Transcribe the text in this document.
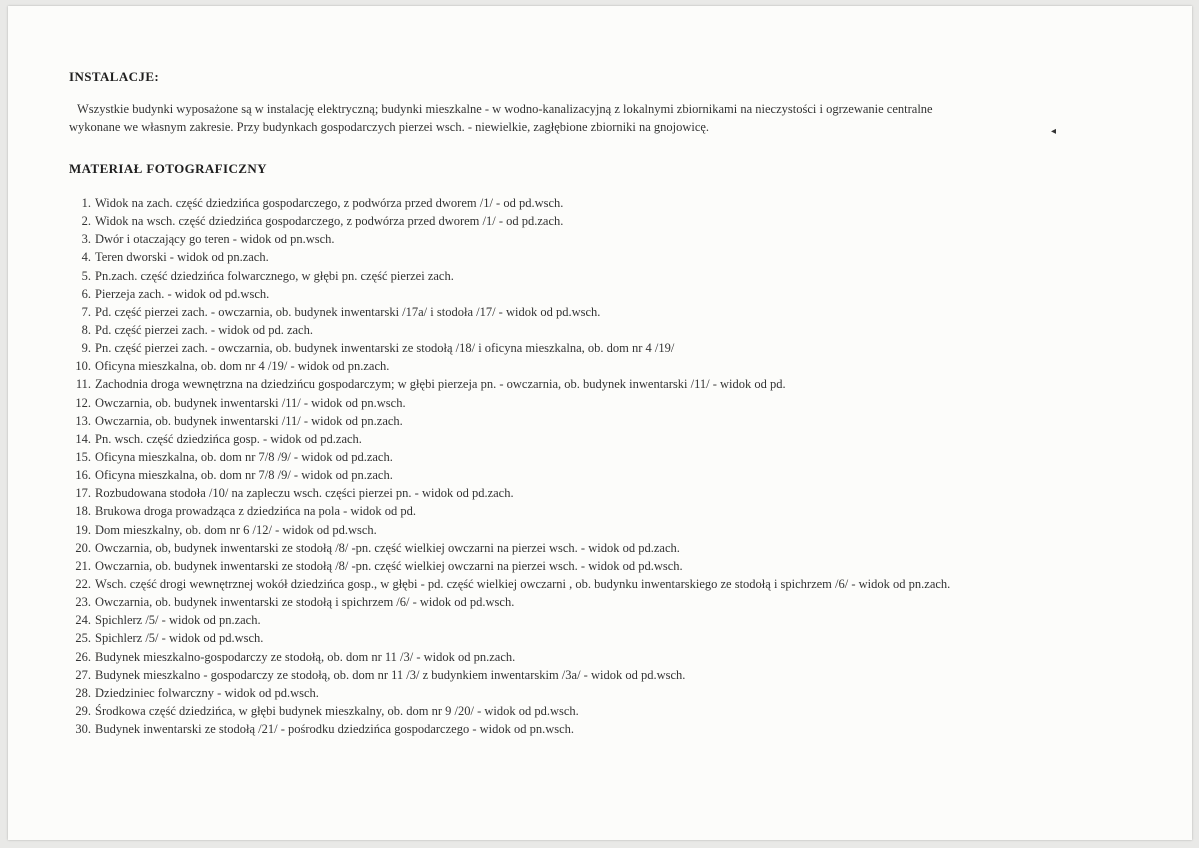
INSTALACJE:

Wszystkie budynki wyposażone są w instalację elektryczną; budynki mieszkalne - w wodno-kanalizacyjną z lokalnymi zbiornikami na nieczystości i ogrzewanie centralne

wykonane we własnym zakresie. Przy budynkach gospodarczych pierzei wsch. - niewielkie, zagłębione zbiorniki na gnojowicę.	◂
MATERIAŁ FOTOGRAFICZNY
1. Widok na zach. część dziedzińca gospodarczego, z podwórza przed dworem /1/ - od pd.wsch.
2. Widok na wsch. część dziedzińca gospodarczego, z podwórza przed dworem /1/ - od pd.zach.
3. Dwór i otaczający go teren - widok od pn.wsch.
4. Teren dworski - widok od pn.zach.
5. Pn.zach. część dziedzińca folwarcznego, w głębi pn. część pierzei zach.
6. Pierzeja zach. - widok od pd.wsch.
7. Pd. część pierzei zach. - owczarnia, ob. budynek inwentarski /17a/ i stodoła /17/ - widok od pd.wsch.
8. Pd. część pierzei zach. - widok od pd. zach.
9. Pn. część pierzei zach. - owczarnia, ob. budynek inwentarski ze stodołą /18/ i oficyna mieszkalna, ob. dom nr 4 /19/
10. Oficyna mieszkalna, ob. dom nr 4 /19/ - widok od pn.zach.
11. Zachodnia droga wewnętrzna na dziedzińcu gospodarczym; w głębi pierzeja pn. - owczarnia, ob. budynek inwentarski /11/ - widok od pd.
12. Owczarnia, ob. budynek inwentarski /11/ - widok od pn.wsch.
13. Owczarnia, ob. budynek inwentarski /11/ - widok od pn.zach.
14. Pn. wsch. część dziedzińca gosp. - widok od pd.zach.
15. Oficyna mieszkalna, ob. dom nr 7/8 /9/ - widok od pd.zach.
16. Oficyna mieszkalna, ob. dom nr 7/8 /9/ - widok od pn.zach.
17. Rozbudowana stodoła /10/ na zapleczu wsch. części pierzei pn. - widok od pd.zach.
18. Brukowa droga prowadząca z dziedzińca na pola - widok od pd.
19. Dom mieszkalny, ob. dom nr 6 /12/ - widok od pd.wsch.
20. Owczarnia, ob, budynek inwentarski ze stodołą /8/ -pn. część wielkiej owczarni na pierzei wsch. - widok od pd.zach.
21. Owczarnia, ob. budynek inwentarski ze stodołą /8/ -pn. część wielkiej owczarni na pierzei wsch. - widok od pd.wsch.
22. Wsch. część drogi wewnętrznej wokół dziedzińca gosp., w głębi - pd. część wielkiej owczarni , ob. budynku inwentarskiego ze stodołą i spichrzem /6/ - widok od pn.zach.
23. Owczarnia, ob. budynek inwentarski ze stodołą i spichrzem /6/ - widok od pd.wsch.
24. Spichlerz /5/ - widok od pn.zach.
25. Spichlerz /5/ - widok od pd.wsch.
26. Budynek mieszkalno-gospodarczy ze stodołą, ob. dom nr 11 /3/ - widok od pn.zach.
27. Budynek mieszkalno - gospodarczy ze stodołą, ob. dom nr 11 /3/ z budynkiem inwentarskim /3a/ - widok od pd.wsch.
28. Dziedziniec folwarczny - widok od pd.wsch.
29. Środkowa część dziedzińca, w głębi budynek mieszkalny, ob. dom nr 9 /20/ - widok od pd.wsch.
30. Budynek inwentarski ze stodołą /21/ - pośrodku dziedzińca gospodarczego - widok od pn.wsch.
